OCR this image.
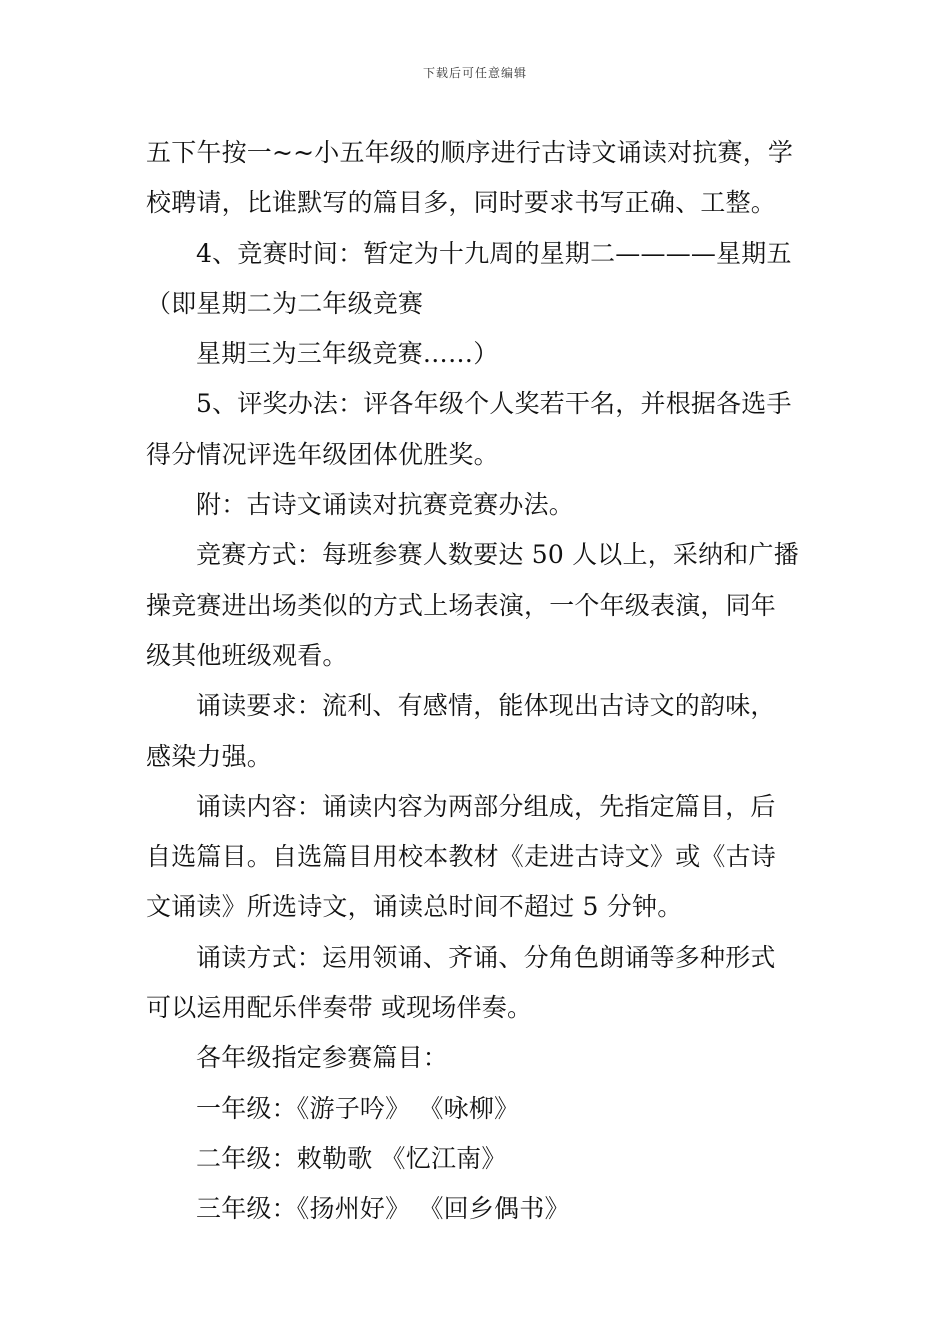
下载后可任意编辑
五下午按一~~小五年级的顺序进行古诗文诵读对抗赛，学
校聘请，比谁默写的篇目多，同时要求书写正确、工整。
4、竞赛时间：暂定为十九周的星期二————星期五
（即星期二为二年级竞赛
星期三为三年级竞赛……）
5、评奖办法：评各年级个人奖若干名，并根据各选手
得分情况评选年级团体优胜奖。
附：古诗文诵读对抗赛竞赛办法。
竞赛方式：每班参赛人数要达 50 人以上，采纳和广播
操竞赛进出场类似的方式上场表演，一个年级表演，同年
级其他班级观看。
诵读要求：流利、有感情，能体现出古诗文的韵味，
感染力强。
诵读内容：诵读内容为两部分组成，先指定篇目，后
自选篇目。自选篇目用校本教材《走进古诗文》或《古诗
文诵读》所选诗文，诵读总时间不超过 5 分钟。
诵读方式：运用领诵、齐诵、分角色朗诵等多种形式
可以运用配乐伴奏带 或现场伴奏。
各年级指定参赛篇目：
一年级：《游子吟》 《咏柳》
二年级：敕勒歌 《忆江南》
三年级：《扬州好》 《回乡偶书》
